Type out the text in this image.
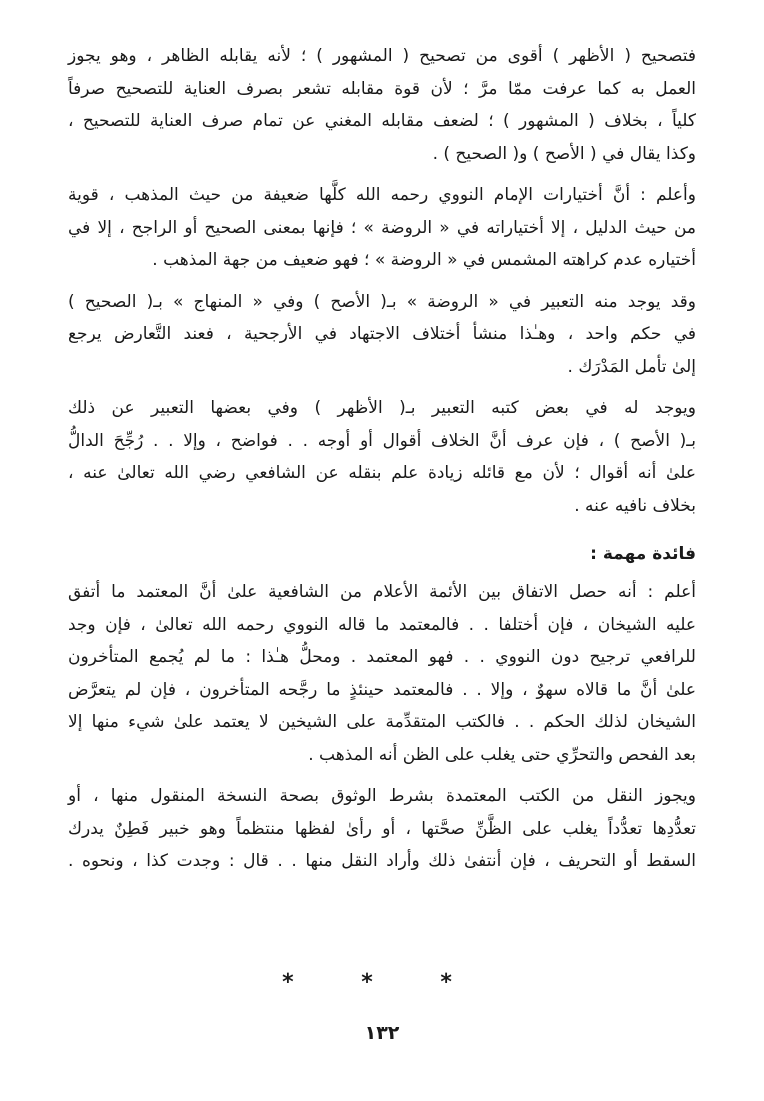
فتصحيح ( الأظهر ) أقوى من تصحيح ( المشهور ) ؛ لأنه يقابله الظاهر ، وهو يجوز
العمل به كما عرفت ممّا مرَّ ؛ لأن قوة مقابله تشعر بصرف العناية للتصحيح صرفاً
كلياً ، بخلاف ( المشهور ) ؛ لضعف مقابله المغني عن تمام صرف العناية للتصحيح ،
وكذا يقال في ( الأصح ) و( الصحيح ) .
وأعلم : أنَّ أختيارات الإمام النووي رحمه الله كلَّها ضعيفة من حيث المذهب ، قوية
من حيث الدليل ، إلا أختياراته في « الروضة » ؛ فإنها بمعنى الصحيح أو الراجح ، إلا في
أختياره عدم كراهته المشمس في « الروضة » ؛ فهو ضعيف من جهة المذهب .
وقد يوجد منه التعبير في « الروضة » بـ( الأصح ) وفي « المنهاج » بـ( الصحيح )
في حكم واحد ، وهـٰذا منشأ أختلاف الاجتهاد في الأرجحية ، فعند التَّعارض يرجع
إلىٰ تأمل المَدْرَك .
ويوجد له في بعض كتبه التعبير بـ( الأظهر ) وفي بعضها التعبير عن ذلك
بـ( الأصح ) ، فإن عرف أنَّ الخلاف أقوال أو أوجه . . فواضح ، وإلا . . رُجِّحَ الدالُّ
علىٰ أنه أقوال ؛ لأن مع قائله زيادة علم بنقله عن الشافعي رضي الله تعالىٰ عنه ،
بخلاف نافيه عنه .
فائدة مهمة :
أعلم : أنه حصل الاتفاق بين الأئمة الأعلام من الشافعية علىٰ أنَّ المعتمد ما أتفق
عليه الشيخان ، فإن أختلفا . . فالمعتمد ما قاله النووي رحمه الله تعالىٰ ، فإن وجد
للرافعي ترجيح دون النووي . . فهو المعتمد . ومحلُّ هـٰذا : ما لم يُجمع المتأخرون
علىٰ أنَّ ما قالاه سهوٌ ، وإلا . . فالمعتمد حينئذٍ ما رجَّحه المتأخرون ، فإن لم يتعرَّض
الشيخان لذلك الحكم . . فالكتب المتقدِّمة على الشيخين لا يعتمد علىٰ شيء منها إلا
بعد الفحص والتحرِّي حتى يغلب على الظن أنه المذهب .
ويجوز النقل من الكتب المعتمدة بشرط الوثوق بصحة النسخة المنقول منها ، أو
تعدُّدِها تعدُّداً يغلب على الظَّنِّ صحَّتها ، أو رأىٰ لفظها منتظماً وهو خبير فَطِنٌ يدرك
السقط أو التحريف ، فإن أنتفىٰ ذلك وأراد النقل منها . . قال : وجدت كذا ، ونحوه .
* * *
١٣٢
